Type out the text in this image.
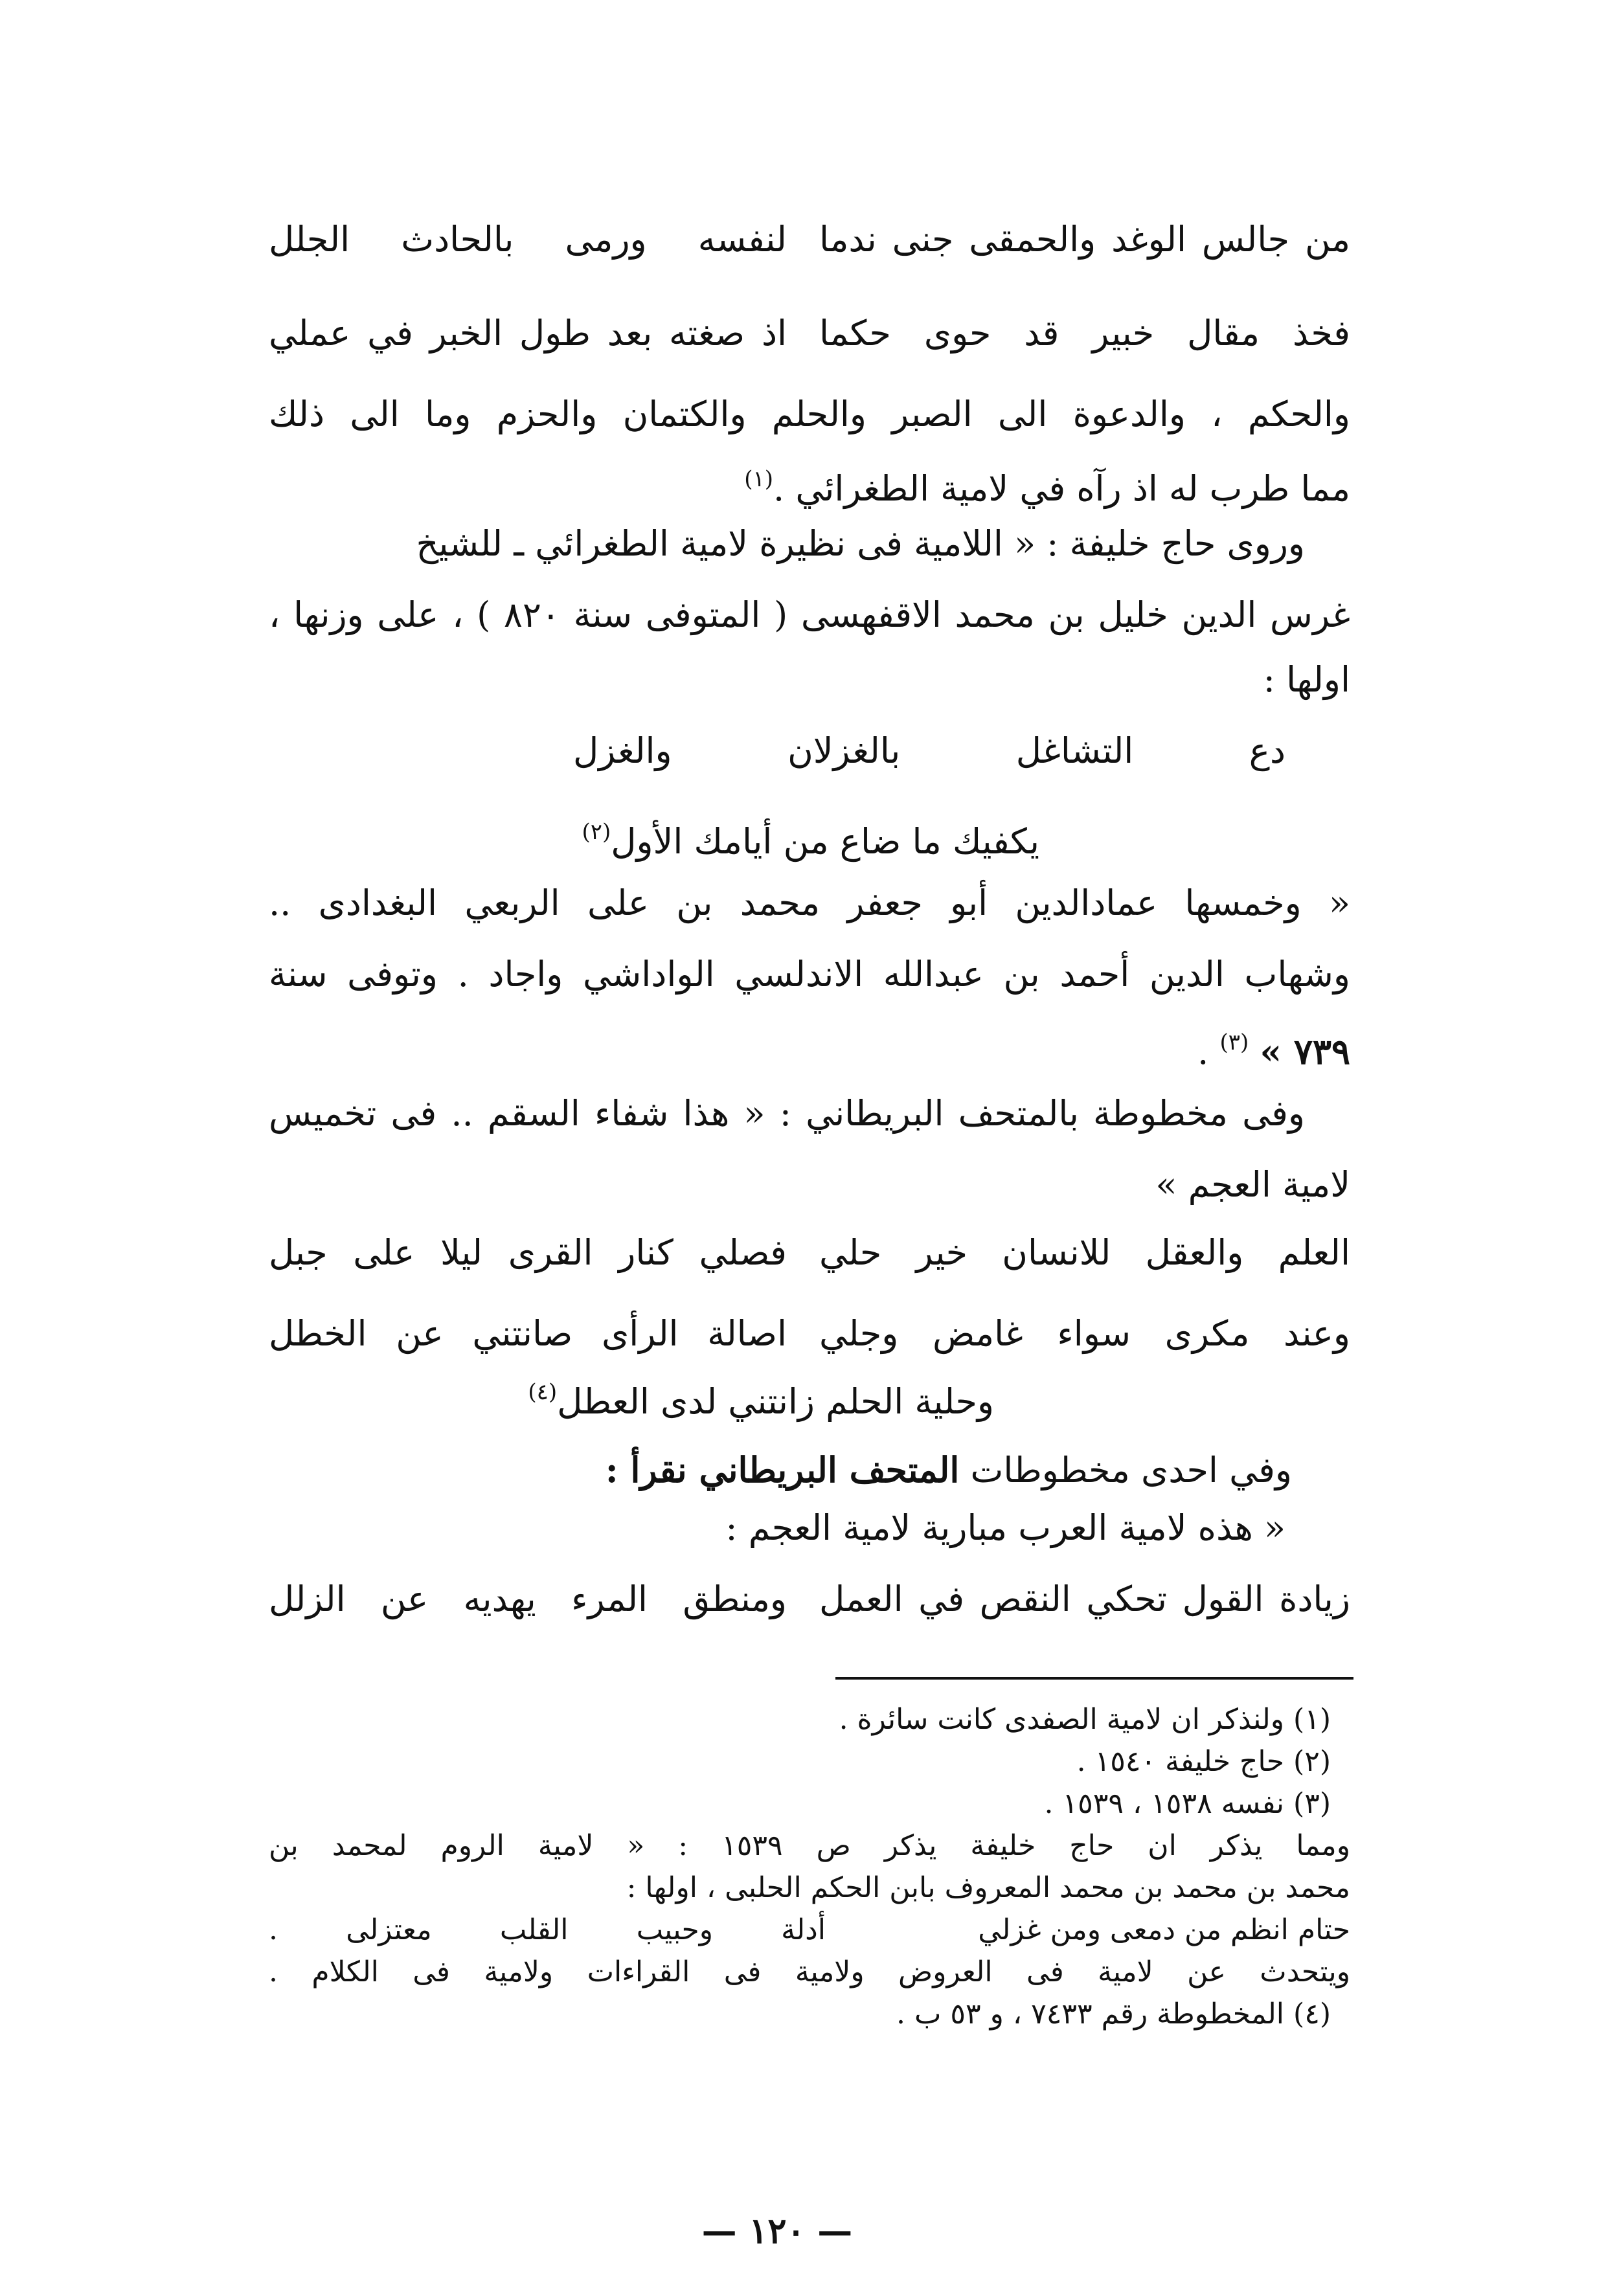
من جالس الوغد والحمقى جنى ندما
لنفسه ورمى بالحادث الجلل
فخذ مقال خبير قد حوى حكما
اذ صغته بعد طول الخبر في عملي
والحكم ، والدعوة الى الصبر والحلم والكتمان والحزم وما الى ذلك
مما طرب له اذ رآه في لامية الطغرائي .$^{(١)}$
وروى حاج خليفة : « اللامية فى نظيرة لامية الطغرائي ـ للشيخ
غرس الدين خليل بن محمد الاقفهسى ( المتوفى سنة ٨٢٠ ) ، على وزنها ،
اولها :
دع التشاغل بالغزلان والغزل
يكفيك ما ضاع من أيامك الأول$^{(٢)}$
« وخمسها عمادالدين أبو جعفر محمد بن على الربعي البغدادى ..
وشهاب الدين أحمد بن عبدالله الاندلسي الواداشي واجاد . وتوفى سنة
٧٣٩ » $^{(٣)}$ .
وفى مخطوطة بالمتحف البريطاني : « هذا شفاء السقم .. فى تخميس
لامية العجم »
العلم والعقل للانسان خير حلي
فصلي كنار القرى ليلا على جبل
وعند مكرى سواء غامض وجلي
اصالة الرأى صانتني عن الخطل
وحلية الحلم زانتني لدى العطل$^{(٤)}$
وفي احدى مخطوطات المتحف البريطاني نقرأ :
« هذه لامية العرب مبارية لامية العجم :
زيادة القول تحكي النقص في العمل
ومنطق المرء يهديه عن الزلل
(١) ولنذكر ان لامية الصفدى كانت سائرة .
(٢) حاج خليفة ١٥٤٠ .
(٣) نفسه ١٥٣٨ ، ١٥٣٩ .
ومما يذكر ان حاج خليفة يذكر ص ١٥٣٩ : « لامية الروم لمحمد بن
محمد بن محمد بن محمد المعروف بابن الحكم الحلبى ، اولها :
حتام انظم من دمعى ومن غزلي
أدلة وحبيب القلب معتزلى .
ويتحدث عن لامية فى العروض ولامية فى القراءات ولامية فى الكلام .
(٤) المخطوطة رقم ٧٤٣٣ ، و ٥٣ ب .
— ١٢٠ —
